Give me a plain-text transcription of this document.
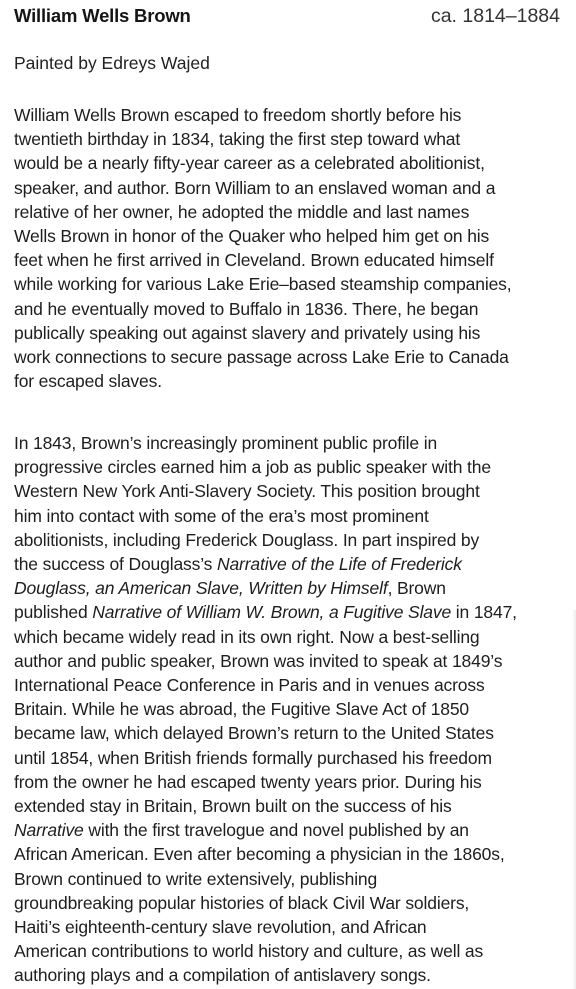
William Wells Brown	ca. 1814–1884
Painted by Edreys Wajed
William Wells Brown escaped to freedom shortly before his
twentieth birthday in 1834, taking the first step toward what
would be a nearly fifty-year career as a celebrated abolitionist,
speaker, and author. Born William to an enslaved woman and a
relative of her owner, he adopted the middle and last names
Wells Brown in honor of the Quaker who helped him get on his
feet when he first arrived in Cleveland. Brown educated himself
while working for various Lake Erie–based steamship companies,
and he eventually moved to Buffalo in 1836. There, he began
publically speaking out against slavery and privately using his
work connections to secure passage across Lake Erie to Canada
for escaped slaves.
In 1843, Brown’s increasingly prominent public profile in
progressive circles earned him a job as public speaker with the
Western New York Anti-Slavery Society. This position brought
him into contact with some of the era’s most prominent
abolitionists, including Frederick Douglass. In part inspired by
the success of Douglass’s Narrative of the Life of Frederick
Douglass, an American Slave, Written by Himself, Brown
published Narrative of William W. Brown, a Fugitive Slave in 1847,
which became widely read in its own right. Now a best-selling
author and public speaker, Brown was invited to speak at 1849’s
International Peace Conference in Paris and in venues across
Britain. While he was abroad, the Fugitive Slave Act of 1850
became law, which delayed Brown’s return to the United States
until 1854, when British friends formally purchased his freedom
from the owner he had escaped twenty years prior. During his
extended stay in Britain, Brown built on the success of his
Narrative with the first travelogue and novel published by an
African American. Even after becoming a physician in the 1860s,
Brown continued to write extensively, publishing
groundbreaking popular histories of black Civil War soldiers,
Haiti’s eighteenth-century slave revolution, and African
American contributions to world history and culture, as well as
authoring plays and a compilation of antislavery songs.
